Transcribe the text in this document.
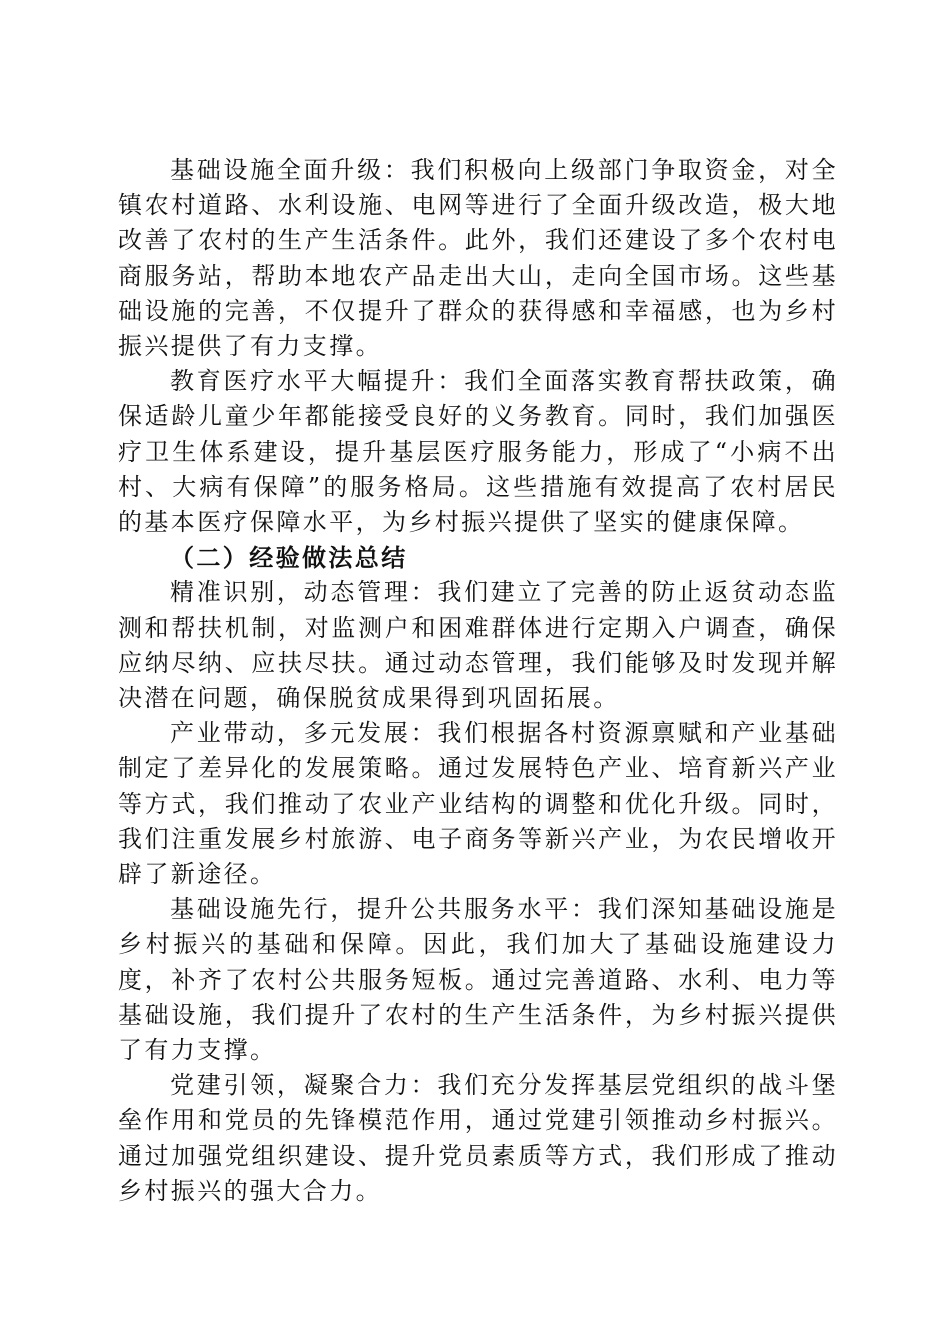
基础设施全面升级：我们积极向上级部门争取资金，对全镇农村道路、水利设施、电网等进行了全面升级改造，极大地改善了农村的生产生活条件。此外，我们还建设了多个农村电商服务站，帮助本地农产品走出大山，走向全国市场。这些基础设施的完善，不仅提升了群众的获得感和幸福感，也为乡村振兴提供了有力支撑。

教育医疗水平大幅提升：我们全面落实教育帮扶政策，确保适龄儿童少年都能接受良好的义务教育。同时，我们加强医疗卫生体系建设，提升基层医疗服务能力，形成了“小病不出村、大病有保障”的服务格局。这些措施有效提高了农村居民的基本医疗保障水平，为乡村振兴提供了坚实的健康保障。

（二）经验做法总结

精准识别，动态管理：我们建立了完善的防止返贫动态监测和帮扶机制，对监测户和困难群体进行定期入户调查，确保应纳尽纳、应扶尽扶。通过动态管理，我们能够及时发现并解决潜在问题，确保脱贫成果得到巩固拓展。

产业带动，多元发展：我们根据各村资源禀赋和产业基础制定了差异化的发展策略。通过发展特色产业、培育新兴产业等方式，我们推动了农业产业结构的调整和优化升级。同时，我们注重发展乡村旅游、电子商务等新兴产业，为农民增收开辟了新途径。

基础设施先行，提升公共服务水平：我们深知基础设施是乡村振兴的基础和保障。因此，我们加大了基础设施建设力度，补齐了农村公共服务短板。通过完善道路、水利、电力等基础设施，我们提升了农村的生产生活条件，为乡村振兴提供了有力支撑。

党建引领，凝聚合力：我们充分发挥基层党组织的战斗堡垒作用和党员的先锋模范作用，通过党建引领推动乡村振兴。通过加强党组织建设、提升党员素质等方式，我们形成了推动乡村振兴的强大合力。
